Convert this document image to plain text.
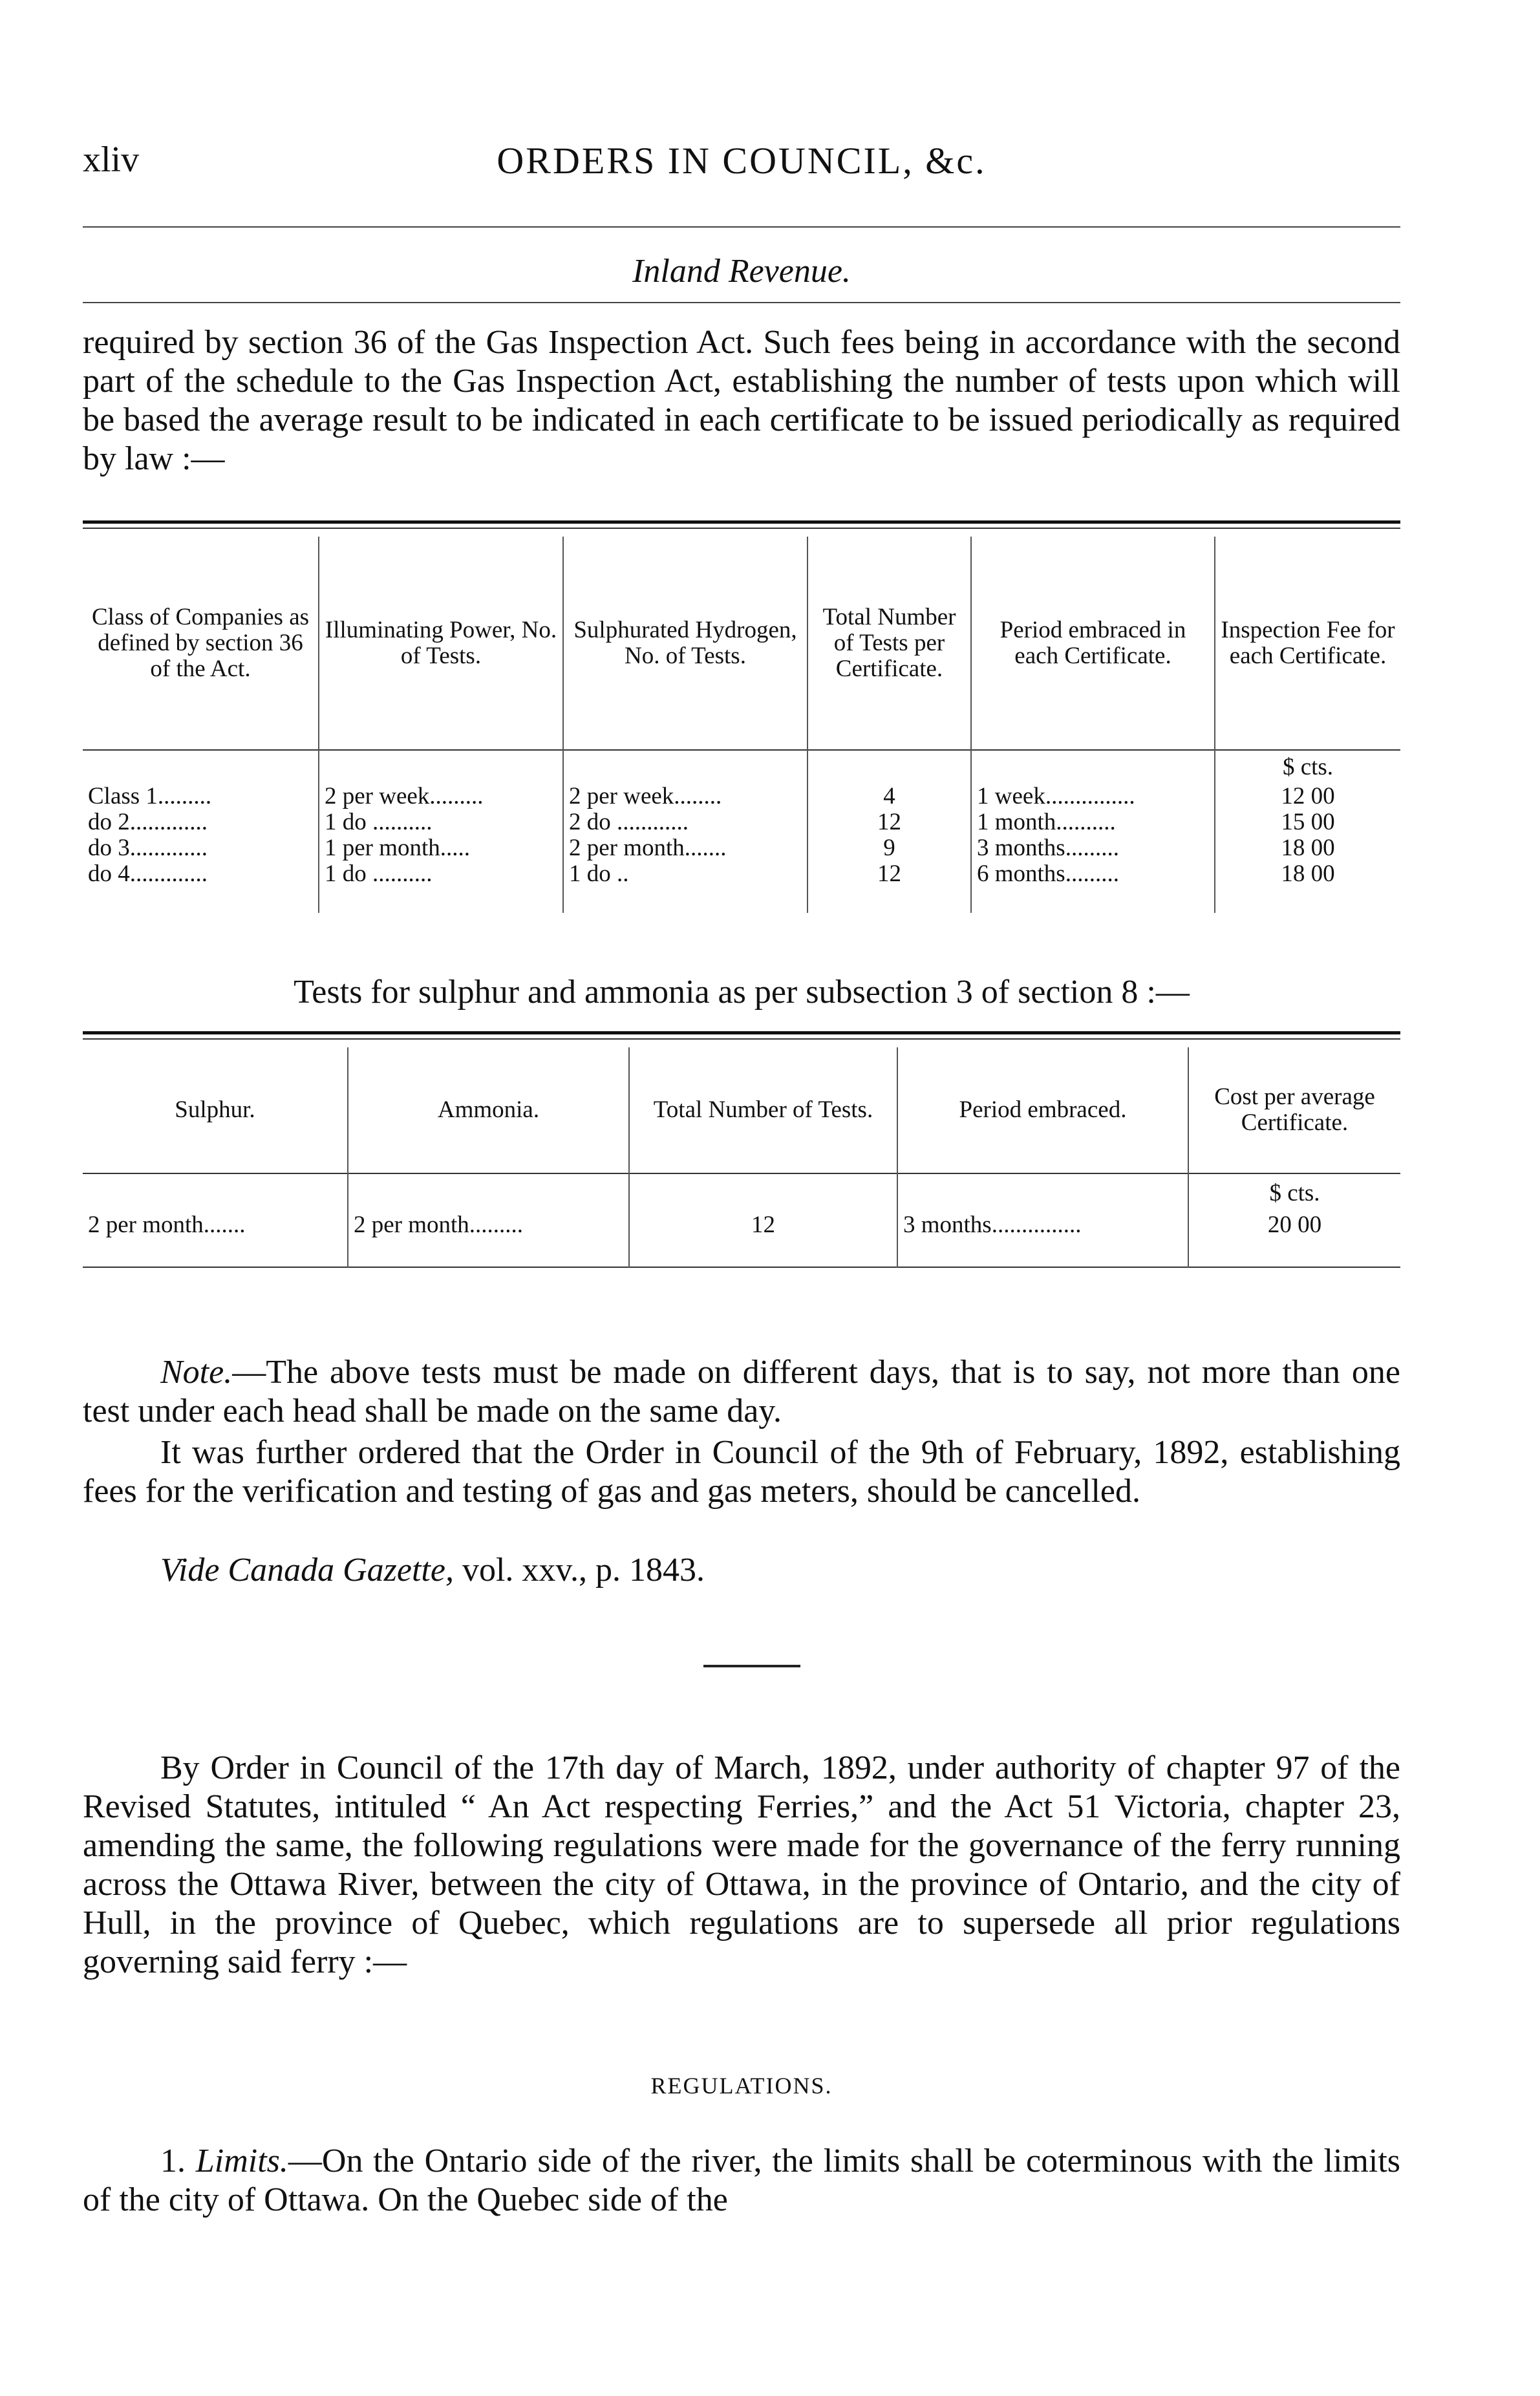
ORDERS IN COUNCIL, &c.
xliv
Inland Revenue.

required by section 36 of the Gas Inspection Act. Such fees being in accordance with the second part of the schedule to the Gas Inspection Act, establishing the number of tests upon which will be based the average result to be indicated in each certificate to be issued periodically as required by law :—

Class of Companies as defined by section 36 of the Act.	Illuminating Power, No. of Tests.	Sulphurated Hydrogen, No. of Tests.	Total Number of Tests per Certificate.	Period embraced in each Certificate.	Inspection Fee for each Certificate.
					$ cts.
Class 1.........	2 per week.........	2 per week........	4	1 week...............	12 00
do 2.............	1 do ..........	2 do ............	12	1 month..........	15 00
do 3.............	1 per month.....	2 per month.......	9	3 months.........	18 00
do 4.............	1 do ..........	1 do ..	12	6 months.........	18 00

Tests for sulphur and ammonia as per subsection 3 of section 8 :—
Sulphur.	Ammonia.	Total Number of Tests.	Period embraced.	Cost per average Certificate.
				$ cts.
2 per month.......	2 per month.........	12	3 months...............	20 00

Note.—The above tests must be made on different days, that is to say, not more than one test under each head shall be made on the same day.

It was further ordered that the Order in Council of the 9th of February, 1892, establishing fees for the verification and testing of gas and gas meters, should be cancelled.

Vide Canada Gazette, vol. xxv., p. 1843.

By Order in Council of the 17th day of March, 1892, under authority of chapter 97 of the Revised Statutes, intituled “ An Act respecting Ferries,” and the Act 51 Victoria, chapter 23, amending the same, the following regulations were made for the governance of the ferry running across the Ottawa River, between the city of Ottawa, in the province of Ontario, and the city of Hull, in the province of Quebec, which regulations are to supersede all prior regulations governing said ferry :—

REGULATIONS.

1. Limits.—On the Ontario side of the river, the limits shall be coterminous with the limits of the city of Ottawa. On the Quebec side of the
